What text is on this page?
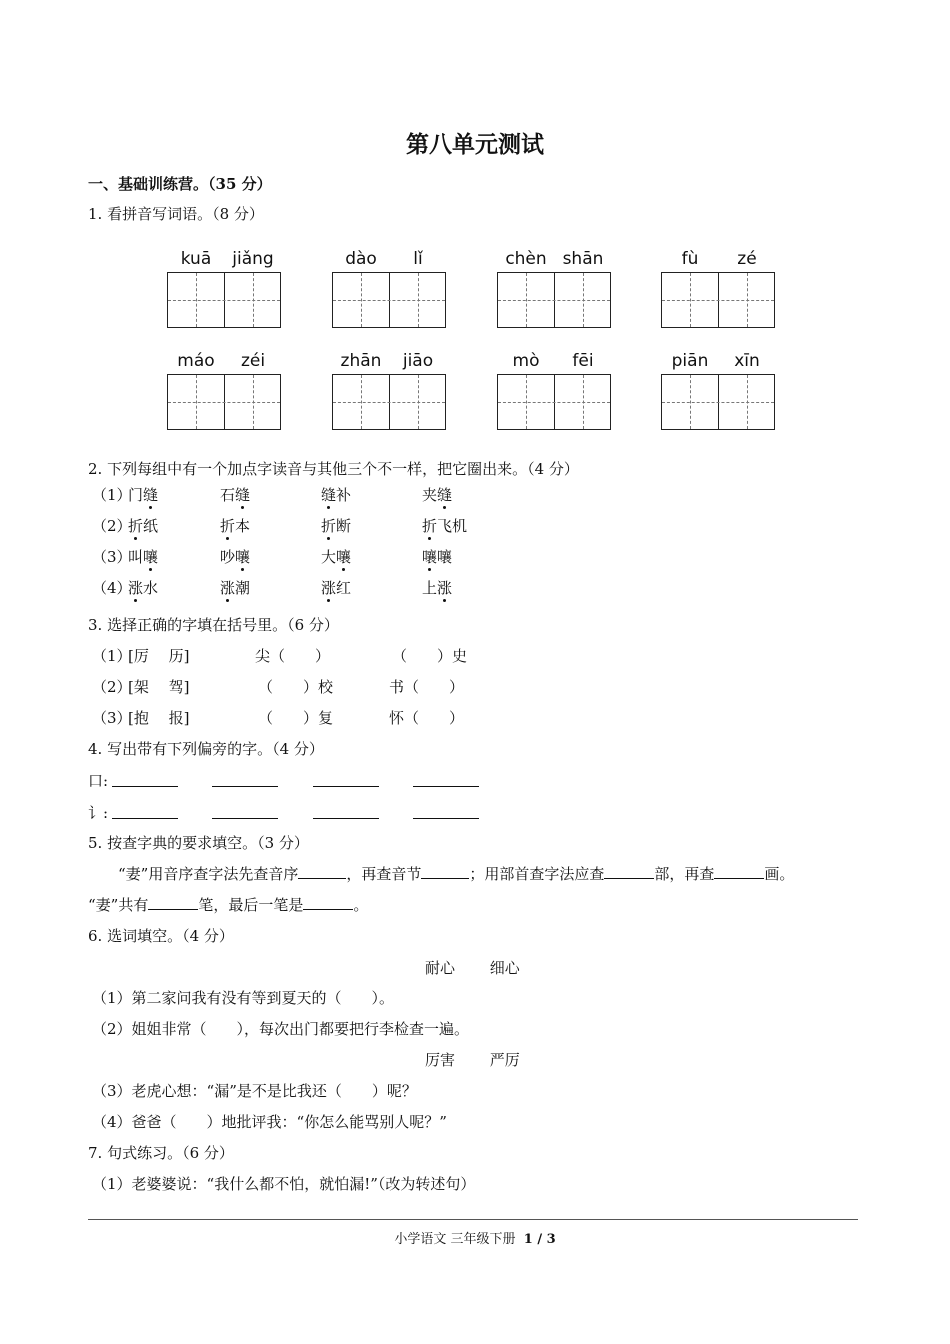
第八单元测试
一、基础训练营。（35 分）
1. 看拼音写词语。（8 分）
kuā	jiǎng	dào	lǐ	chèn shān	fù	zé
máo	zéi	zhān	jiāo	mò	fēi	piān	xīn
2. 下列每组中有一个加点字读音与其他三个不一样，把它圈出来。（4 分）
（1）
门缝	石缝	缝补	夹缝
（2）
折纸	折本	折断	折飞机
（3）
叫嚷	吵嚷	大嚷	嚷嚷
（4）
涨水	涨潮	涨红	上涨
3. 选择正确的字填在括号里。（6 分）
（1）
[厉　 历]	尖（　　）	（　　）史
（2）
[架　 驾]	（　　）校	书（　　）
（3）
[抱　 报]	（　　）复	怀（　　）
4. 写出带有下列偏旁的字。（4 分）
口:
讠:
5. 按查字典的要求填空。（3 分）
“妻”用音序查字法先查音序	，再查音节	；用部首查字法应查	部，再查	画。
“妻”共有	笔，最后一笔是	。
6. 选词填空。（4 分）
耐心　　 细心
（1）第二家问我有没有等到夏天的（　　）。
（2）姐姐非常（　　），每次出门都要把行李检查一遍。
厉害　　 严厉
（3）老虎心想：“漏”是不是比我还（　　）呢？
（4）爸爸（　　）地批评我：“你怎么能骂别人呢？”
7. 句式练习。（6 分）
（1）老婆婆说：“我什么都不怕，就怕漏!”（改为转述句）
小学语文 三年级下册 1 / 3
